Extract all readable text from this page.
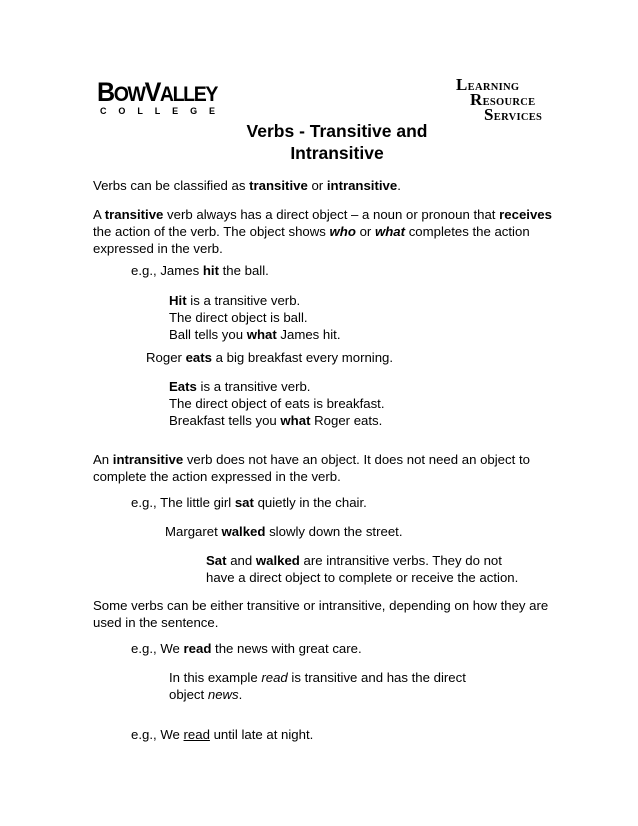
BOWVALLEY
C O L L E G E
LEARNING
RESOURCE
SERVICES
Verbs - Transitive and
Intransitive
Verbs can be classified as transitive or intransitive.
A transitive verb always has a direct object – a noun or pronoun that receives
the action of the verb. The object shows who or what completes the action
expressed in the verb.
e.g., James hit the ball.
Hit is a transitive verb.
The direct object is ball.
Ball tells you what James hit.
Roger eats a big breakfast every morning.
Eats is a transitive verb.
The direct object of eats is breakfast.
Breakfast tells you what Roger eats.
An intransitive verb does not have an object. It does not need an object to
complete the action expressed in the verb.
e.g., The little girl sat quietly in the chair.
Margaret walked slowly down the street.
Sat and walked are intransitive verbs. They do not
have a direct object to complete or receive the action.
Some verbs can be either transitive or intransitive, depending on how they are
used in the sentence.
e.g., We read the news with great care.
In this example read is transitive and has the direct
object news.
e.g., We read until late at night.
